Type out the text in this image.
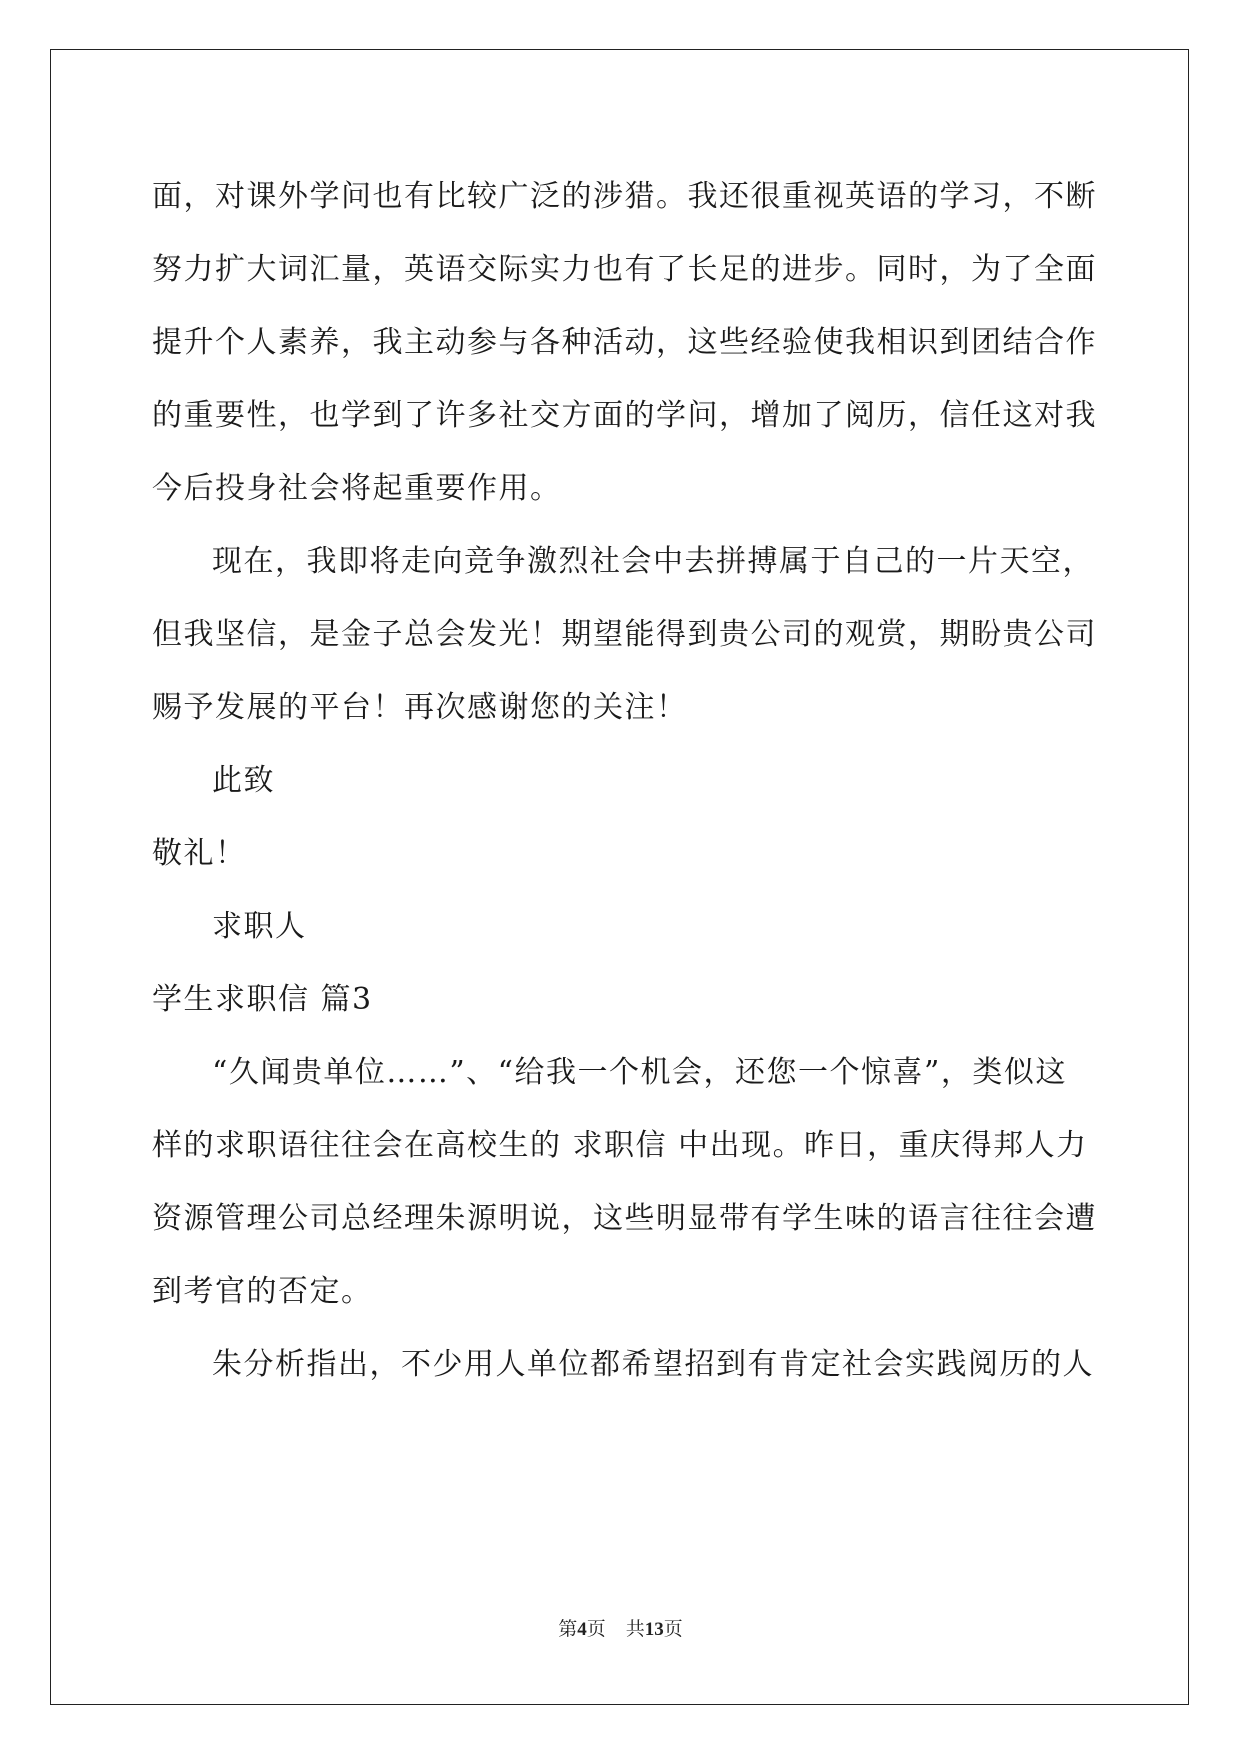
面，对课外学问也有比较广泛的涉猎。我还很重视英语的学习，不断

努力扩大词汇量，英语交际实力也有了长足的进步。同时，为了全面

提升个人素养，我主动参与各种活动，这些经验使我相识到团结合作

的重要性，也学到了许多社交方面的学问，增加了阅历，信任这对我

今后投身社会将起重要作用。

现在，我即将走向竞争激烈社会中去拼搏属于自己的一片天空，

但我坚信，是金子总会发光！期望能得到贵公司的观赏，期盼贵公司

赐予发展的平台！再次感谢您的关注！

此致

敬礼！

求职人

学生求职信 篇3

“久闻贵单位……”、“给我一个机会，还您一个惊喜”，类似这

样的求职语往往会在高校生的 求职信 中出现。昨日，重庆得邦人力

资源管理公司总经理朱源明说，这些明显带有学生味的语言往往会遭

到考官的否定。

朱分析指出，不少用人单位都希望招到有肯定社会实践阅历的人

第4页 共13页
